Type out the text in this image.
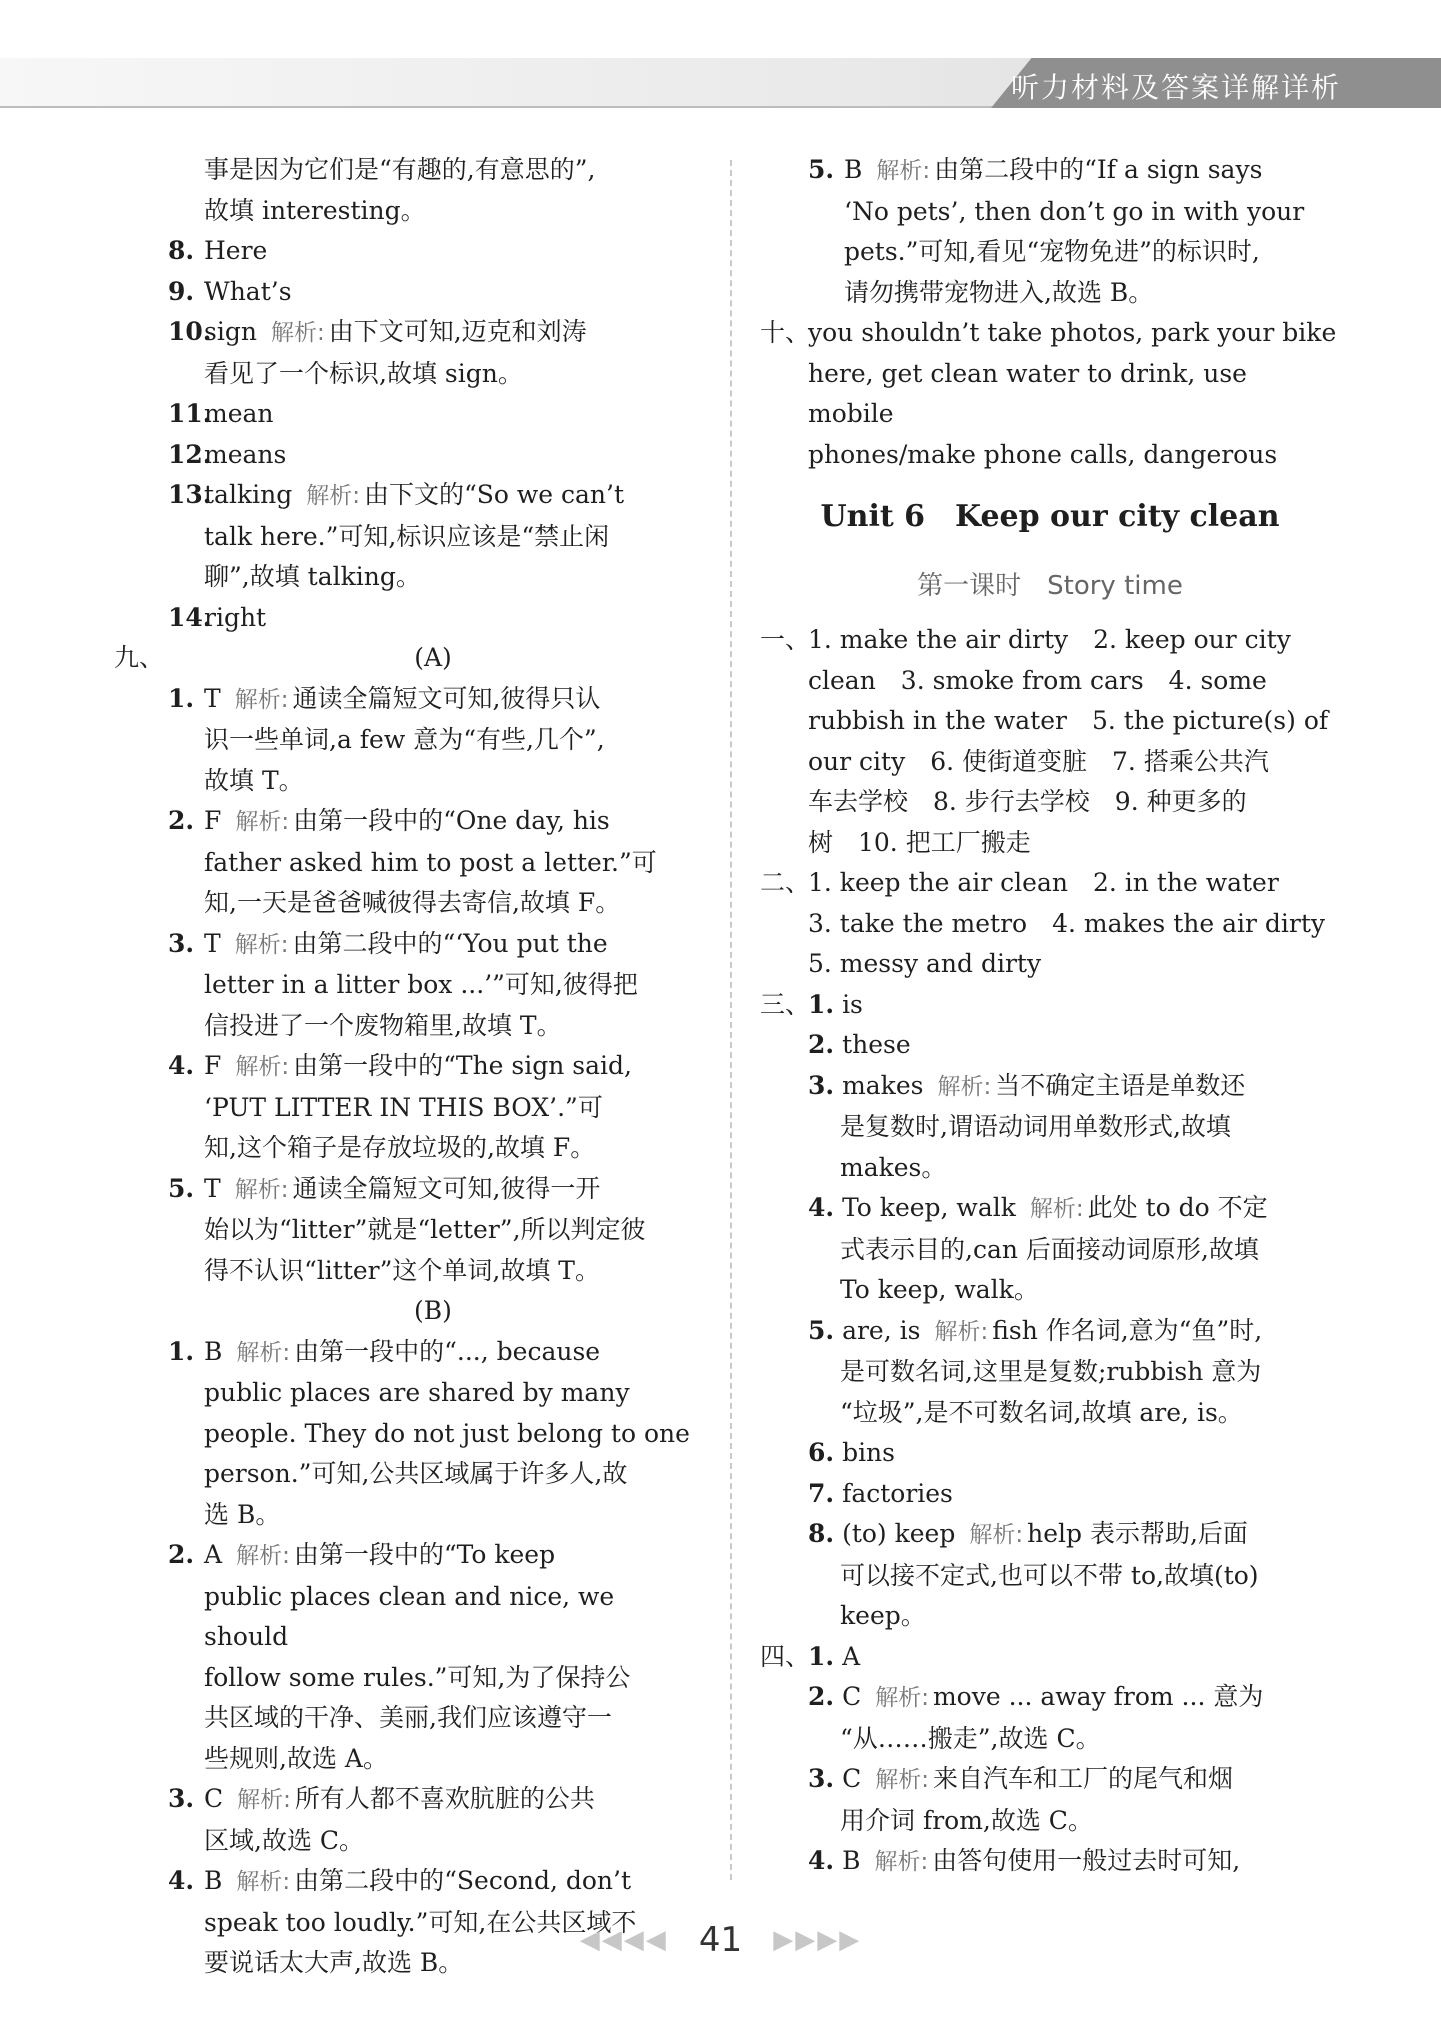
听力材料及答案详解详析
事是因为它们是“有趣的,有意思的”,
故填 interesting。
8. Here
9. What’s
10.
sign 解析: 由下文可知,迈克和刘涛
看见了一个标识,故填 sign。
11.
mean
12.
means
13.
talking 解析: 由下文的“So we can’t
talk here.”可知,标识应该是“禁止闲
聊”,故填 talking。
14.
right
九、	(A)
1. T 解析: 通读全篇短文可知,彼得只认
识一些单词,a few 意为“有些,几个”,
故填 T。
2. F 解析: 由第一段中的“One day, his
father asked him to post a letter.”可
知,一天是爸爸喊彼得去寄信,故填 F。
3. T 解析: 由第二段中的“‘You put the
letter in a litter box ...’”可知,彼得把
信投进了一个废物箱里,故填 T。
4. F 解析: 由第一段中的“The sign said,
‘PUT LITTER IN THIS BOX’.”可
知,这个箱子是存放垃圾的,故填 F。
5. T 解析: 通读全篇短文可知,彼得一开
始以为“litter”就是“letter”,所以判定彼
得不认识“litter”这个单词,故填 T。
(B)
1. B 解析: 由第一段中的“..., because
public places are shared by many
people. They do not just belong to one
person.”可知,公共区域属于许多人,故
选 B。
2. A 解析: 由第一段中的“To keep
public places clean and nice, we should
follow some rules.”可知,为了保持公
共区域的干净、美丽,我们应该遵守一
些规则,故选 A。
3. C 解析: 所有人都不喜欢肮脏的公共
区域,故选 C。
4. B 解析: 由第二段中的“Second, don’t
speak too loudly.”可知,在公共区域不
要说话太大声,故选 B。
5. B 解析: 由第二段中的“If a sign says
‘No pets’, then don’t go in with your
pets.”可知,看见“宠物免进”的标识时,
请勿携带宠物进入,故选 B。
十、
you shouldn’t take photos, park your bike
here, get clean water to drink, use mobile
phones/make phone calls, dangerous
Unit 6　Keep our city clean
第一课时　Story time
一、
1. make the air dirty　2. keep our city
clean　3. smoke from cars　4. some
rubbish in the water　5. the picture(s) of
our city　6. 使街道变脏　7. 搭乘公共汽
车去学校　8. 步行去学校　9. 种更多的
树　10. 把工厂搬走
二、
1. keep the air clean　2. in the water
3. take the metro　4. makes the air dirty
5. messy and dirty
三、
1. is
2. these
3. makes 解析: 当不确定主语是单数还
是复数时,谓语动词用单数形式,故填
makes。
4. To keep, walk 解析: 此处 to do 不定
式表示目的,can 后面接动词原形,故填
To keep, walk。
5. are, is 解析: fish 作名词,意为“鱼”时,
是可数名词,这里是复数;rubbish 意为
“垃圾”,是不可数名词,故填 are, is。
6. bins
7. factories
8. (to) keep 解析: help 表示帮助,后面
可以接不定式,也可以不带 to,故填(to)
keep。
四、
1. A
2. C 解析: move ... away from ... 意为
“从……搬走”,故选 C。
3. C 解析: 来自汽车和工厂的尾气和烟
用介词 from,故选 C。
4. B 解析: 由答句使用一般过去时可知,
◀◀◀◀ 41 ▶▶▶▶
